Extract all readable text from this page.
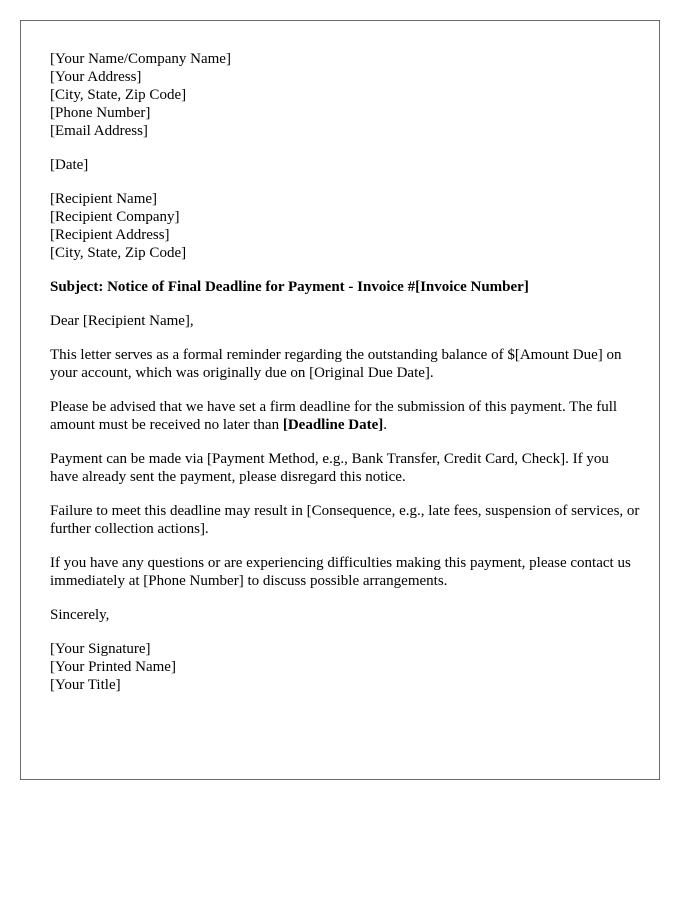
[Your Name/Company Name]
[Your Address]
[City, State, Zip Code]
[Phone Number]
[Email Address]
[Date]
[Recipient Name]
[Recipient Company]
[Recipient Address]
[City, State, Zip Code]

Subject: Notice of Final Deadline for Payment - Invoice #[Invoice Number]

Dear [Recipient Name],

This letter serves as a formal reminder regarding the outstanding balance of $[Amount Due] on your account, which was originally due on [Original Due Date].

Please be advised that we have set a firm deadline for the submission of this payment. The full amount must be received no later than [Deadline Date].

Payment can be made via [Payment Method, e.g., Bank Transfer, Credit Card, Check]. If you have already sent the payment, please disregard this notice.

Failure to meet this deadline may result in [Consequence, e.g., late fees, suspension of services, or further collection actions].

If you have any questions or are experiencing difficulties making this payment, please contact us immediately at [Phone Number] to discuss possible arrangements.

Sincerely,

[Your Signature]
[Your Printed Name]
[Your Title]
